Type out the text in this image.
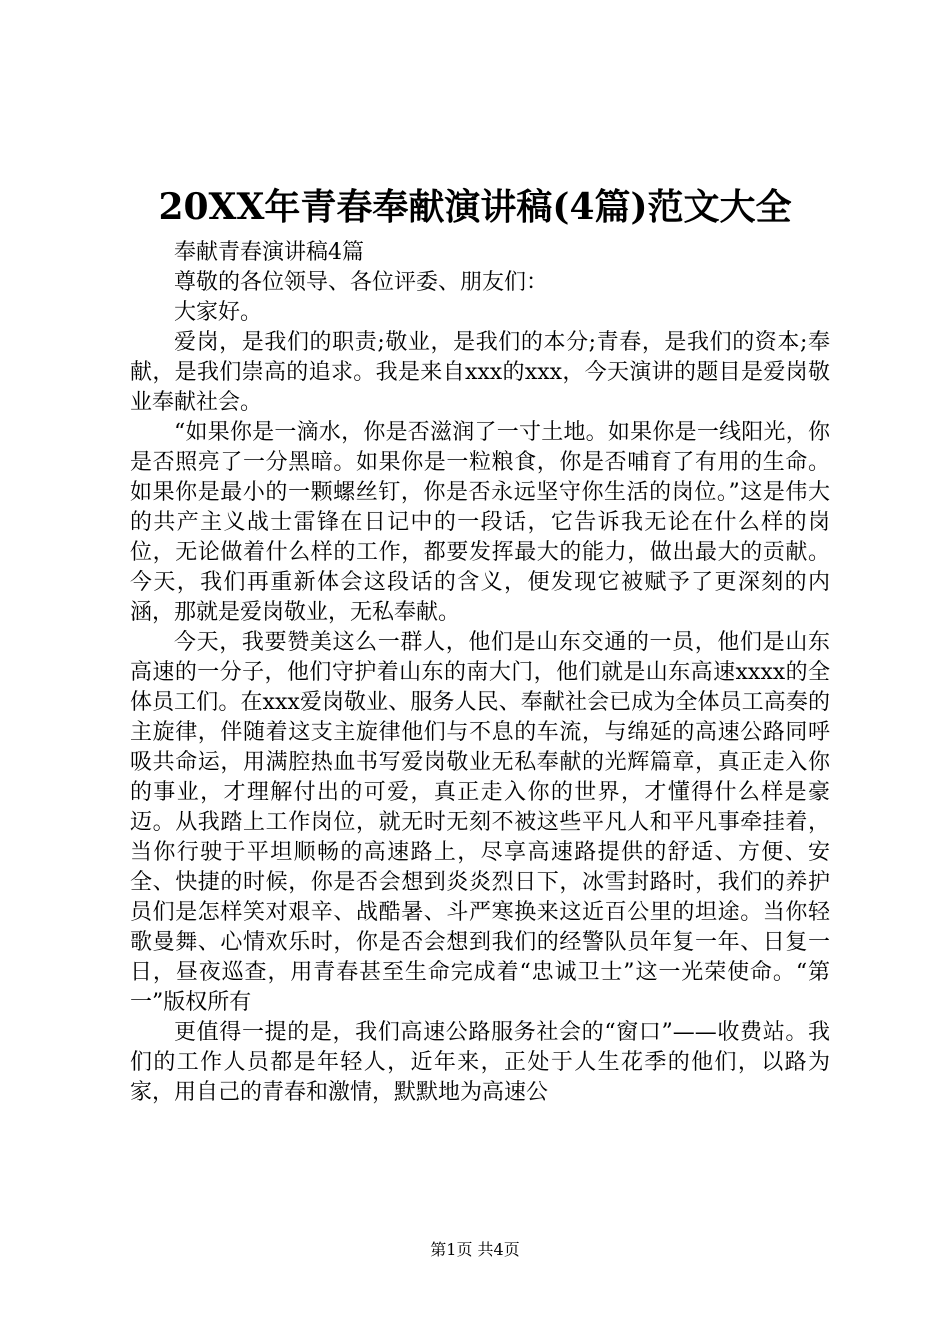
20XX年青春奉献演讲稿(4篇)范文大全

奉献青春演讲稿4篇

尊敬的各位领导、各位评委、朋友们：

大家好。

爱岗，是我们的职责;敬业，是我们的本分;青春，是我们的资本;奉献，是我们崇高的追求。我是来自xxx的xxx，今天演讲的题目是爱岗敬业奉献社会。

“如果你是一滴水，你是否滋润了一寸土地。如果你是一线阳光，你是否照亮了一分黑暗。如果你是一粒粮食，你是否哺育了有用的生命。如果你是最小的一颗螺丝钉，你是否永远坚守你生活的岗位。”这是伟大的共产主义战士雷锋在日记中的一段话，它告诉我无论在什么样的岗位，无论做着什么样的工作，都要发挥最大的能力，做出最大的贡献。今天，我们再重新体会这段话的含义，便发现它被赋予了更深刻的内涵，那就是爱岗敬业，无私奉献。

今天，我要赞美这么一群人，他们是山东交通的一员，他们是山东高速的一分子，他们守护着山东的南大门，他们就是山东高速xxxx的全体员工们。在xxx爱岗敬业、服务人民、奉献社会已成为全体员工高奏的主旋律，伴随着这支主旋律他们与不息的车流，与绵延的高速公路同呼吸共命运，用满腔热血书写爱岗敬业无私奉献的光辉篇章，真正走入你的事业，才理解付出的可爱，真正走入你的世界，才懂得什么样是豪迈。从我踏上工作岗位，就无时无刻不被这些平凡人和平凡事牵挂着，当你行驶于平坦顺畅的高速路上，尽享高速路提供的舒适、方便、安全、快捷的时候，你是否会想到炎炎烈日下，冰雪封路时，我们的养护员们是怎样笑对艰辛、战酷暑、斗严寒换来这近百公里的坦途。当你轻歌曼舞、心情欢乐时，你是否会想到我们的经警队员年复一年、日复一日，昼夜巡查，用青春甚至生命完成着“忠诚卫士”这一光荣使命。“第一”版权所有

更值得一提的是，我们高速公路服务社会的“窗口”——收费站。我们的工作人员都是年轻人，近年来，正处于人生花季的他们，以路为家，用自己的青春和激情，默默地为高速公

第1页 共4页
